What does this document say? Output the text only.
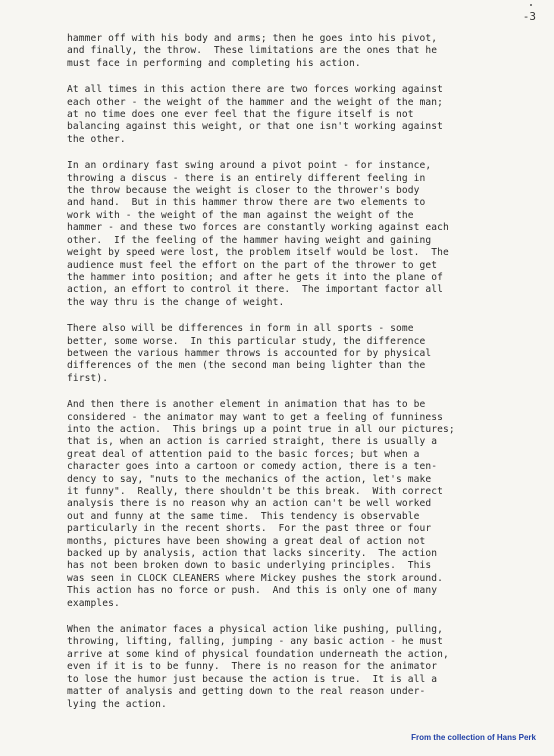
-3
hammer off with his body and arms; then he goes into his pivot,
and finally, the throw.  These limitations are the ones that he
must face in performing and completing his action.
At all times in this action there are two forces working against
each other - the weight of the hammer and the weight of the man;
at no time does one ever feel that the figure itself is not
balancing against this weight, or that one isn't working against
the other.
In an ordinary fast swing around a pivot point - for instance,
throwing a discus - there is an entirely different feeling in
the throw because the weight is closer to the thrower's body
and hand.  But in this hammer throw there are two elements to
work with - the weight of the man against the weight of the
hammer - and these two forces are constantly working against each
other.  If the feeling of the hammer having weight and gaining
weight by speed were lost, the problem itself would be lost.  The
audience must feel the effort on the part of the thrower to get
the hammer into position; and after he gets it into the plane of
action, an effort to control it there.  The important factor all
the way thru is the change of weight.
There also will be differences in form in all sports - some
better, some worse.  In this particular study, the difference
between the various hammer throws is accounted for by physical
differences of the men (the second man being lighter than the
first).
And then there is another element in animation that has to be
considered - the animator may want to get a feeling of funniness
into the action.  This brings up a point true in all our pictures;
that is, when an action is carried straight, there is usually a
great deal of attention paid to the basic forces; but when a
character goes into a cartoon or comedy action, there is a ten-
dency to say, "nuts to the mechanics of the action, let's make
it funny".  Really, there shouldn't be this break.  With correct
analysis there is no reason why an action can't be well worked
out and funny at the same time.  This tendency is observable
particularly in the recent shorts.  For the past three or four
months, pictures have been showing a great deal of action not
backed up by analysis, action that lacks sincerity.  The action
has not been broken down to basic underlying principles.  This
was seen in CLOCK CLEANERS where Mickey pushes the stork around.
This action has no force or push.  And this is only one of many
examples.
When the animator faces a physical action like pushing, pulling,
throwing, lifting, falling, jumping - any basic action - he must
arrive at some kind of physical foundation underneath the action,
even if it is to be funny.  There is no reason for the animator
to lose the humor just because the action is true.  It is all a
matter of analysis and getting down to the real reason under-
lying the action.
From the collection of Hans Perk
